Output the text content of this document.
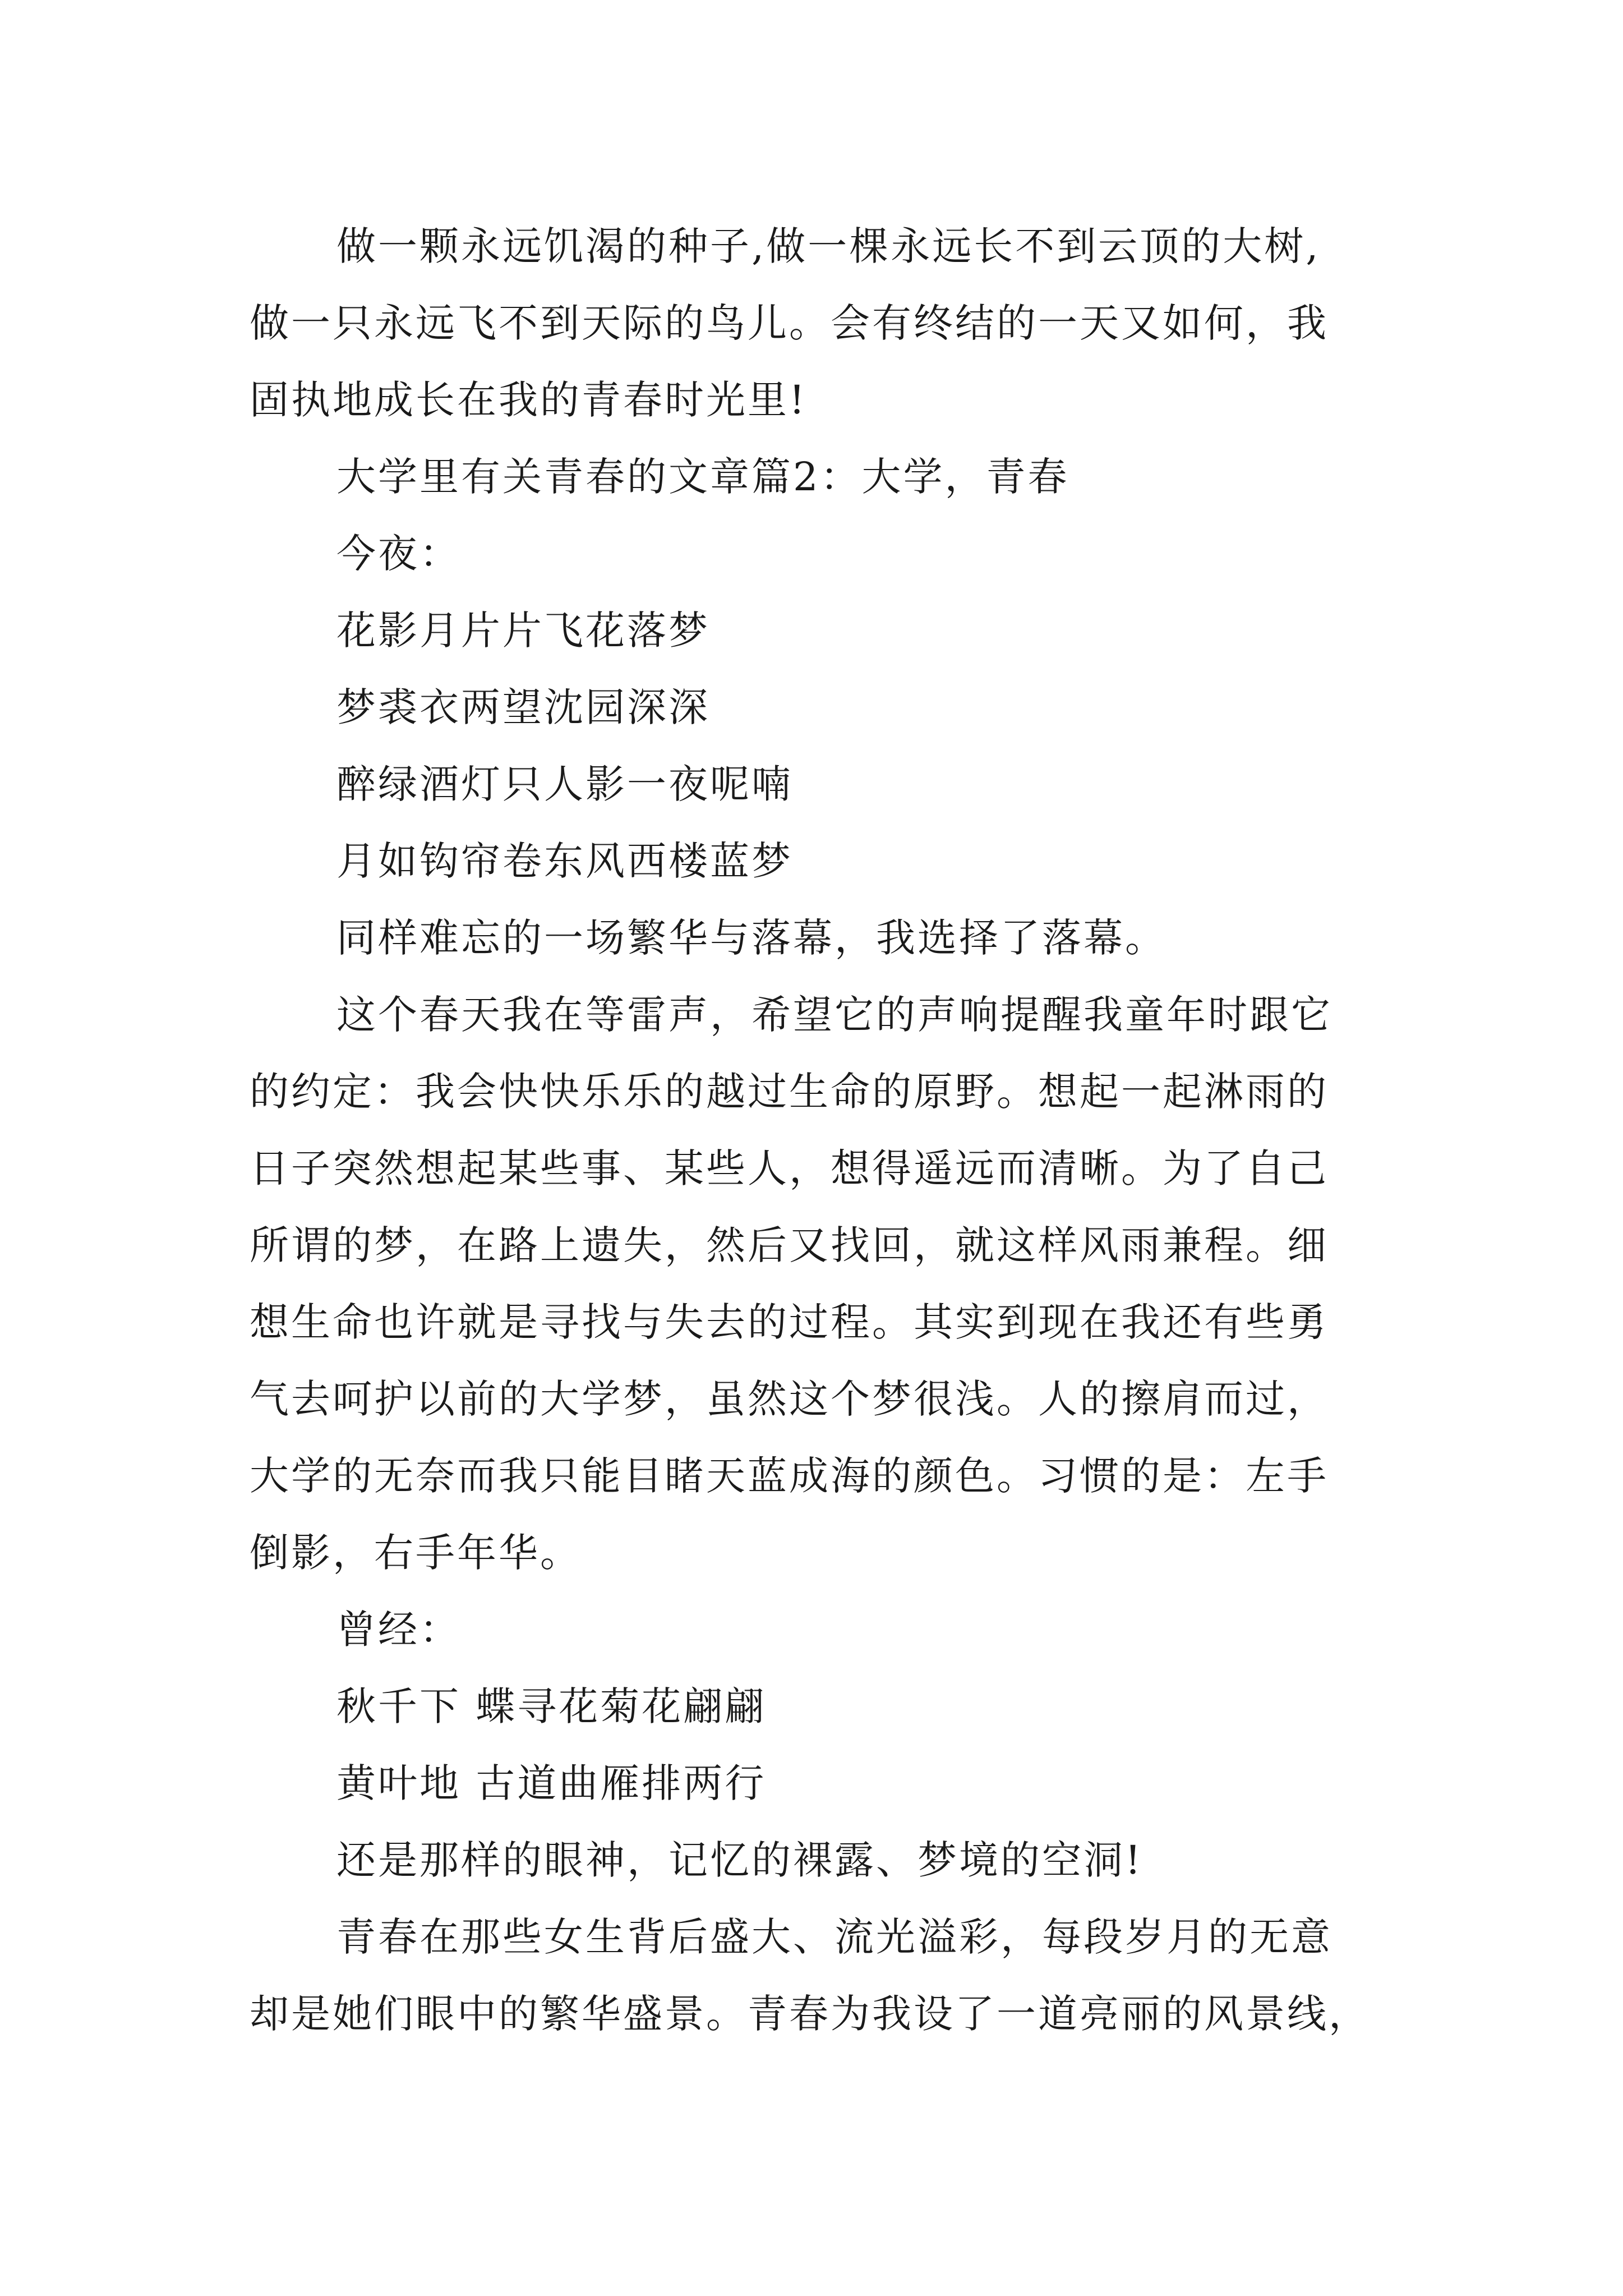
做一颗永远饥渴的种子,做一棵永远长不到云顶的大树,
做一只永远飞不到天际的鸟儿。会有终结的一天又如何，我
固执地成长在我的青春时光里!
大学里有关青春的文章篇2：大学，青春
今夜：
花影月片片飞花落梦
梦裘衣两望沈园深深
醉绿酒灯只人影一夜呢喃
月如钩帘卷东风西楼蓝梦
同样难忘的一场繁华与落幕，我选择了落幕。
这个春天我在等雷声，希望它的声响提醒我童年时跟它
的约定：我会快快乐乐的越过生命的原野。想起一起淋雨的
日子突然想起某些事、某些人，想得遥远而清晰。为了自己
所谓的梦，在路上遗失，然后又找回，就这样风雨兼程。细
想生命也许就是寻找与失去的过程。其实到现在我还有些勇
气去呵护以前的大学梦，虽然这个梦很浅。人的擦肩而过，
大学的无奈而我只能目睹天蓝成海的颜色。习惯的是：左手
倒影，右手年华。
曾经：
秋千下 蝶寻花菊花翩翩
黄叶地 古道曲雁排两行
还是那样的眼神，记忆的裸露、梦境的空洞!
青春在那些女生背后盛大、流光溢彩，每段岁月的无意
却是她们眼中的繁华盛景。青春为我设了一道亮丽的风景线，
